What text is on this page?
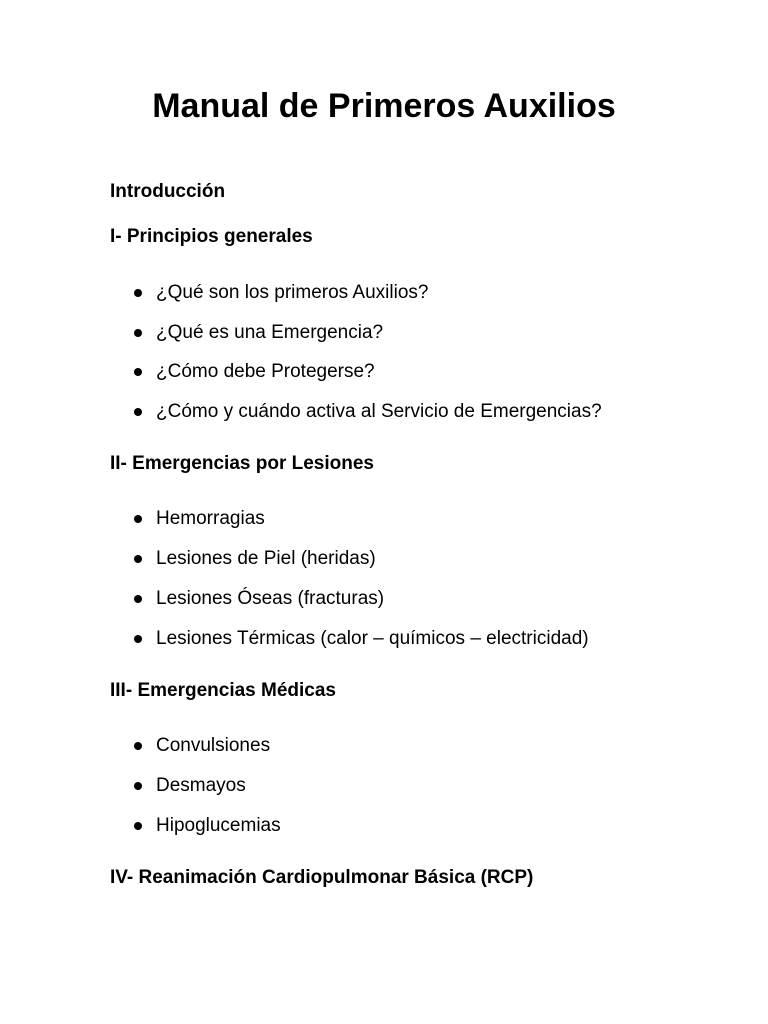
Manual de Primeros Auxilios
Introducción
I- Principios generales
¿Qué son los primeros Auxilios?
¿Qué es una Emergencia?
¿Cómo debe Protegerse?
¿Cómo y cuándo activa al Servicio de Emergencias?
II- Emergencias por Lesiones
Hemorragias
Lesiones de Piel (heridas)
Lesiones Óseas (fracturas)
Lesiones Térmicas (calor – químicos – electricidad)
III- Emergencias Médicas
Convulsiones
Desmayos
Hipoglucemias
IV- Reanimación Cardiopulmonar Básica (RCP)
